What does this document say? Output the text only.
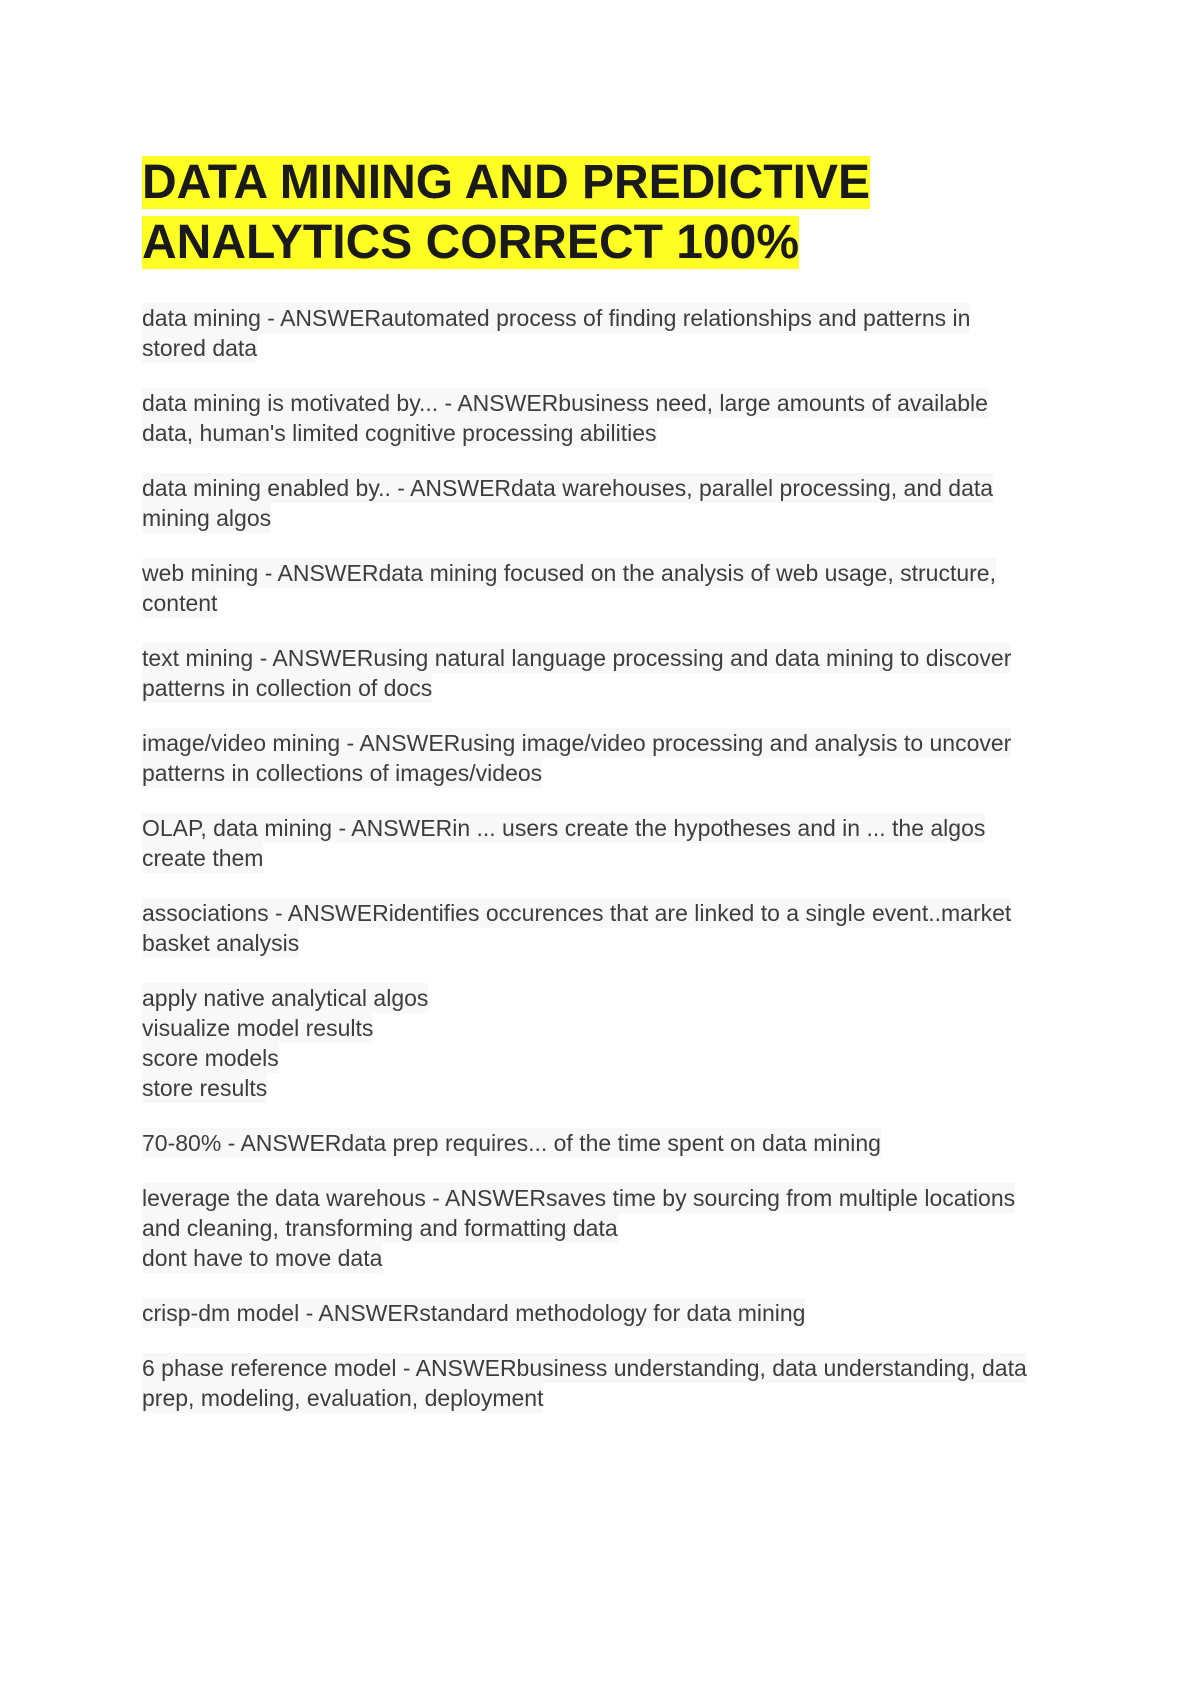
DATA MINING AND PREDICTIVE
ANALYTICS CORRECT 100%
data mining - ANSWERautomated process of finding relationships and patterns in
stored data
data mining is motivated by... - ANSWERbusiness need, large amounts of available
data, human's limited cognitive processing abilities
data mining enabled by.. - ANSWERdata warehouses, parallel processing, and data
mining algos
web mining - ANSWERdata mining focused on the analysis of web usage, structure,
content
text mining - ANSWERusing natural language processing and data mining to discover
patterns in collection of docs
image/video mining - ANSWERusing image/video processing and analysis to uncover
patterns in collections of images/videos
OLAP, data mining - ANSWERin ... users create the hypotheses and in ... the algos
create them
associations - ANSWERidentifies occurences that are linked to a single event..market
basket analysis
apply native analytical algos
visualize model results
score models
store results
70-80% - ANSWERdata prep requires... of the time spent on data mining
leverage the data warehous - ANSWERsaves time by sourcing from multiple locations
and cleaning, transforming and formatting data
dont have to move data
crisp-dm model - ANSWERstandard methodology for data mining
6 phase reference model - ANSWERbusiness understanding, data understanding, data
prep, modeling, evaluation, deployment
